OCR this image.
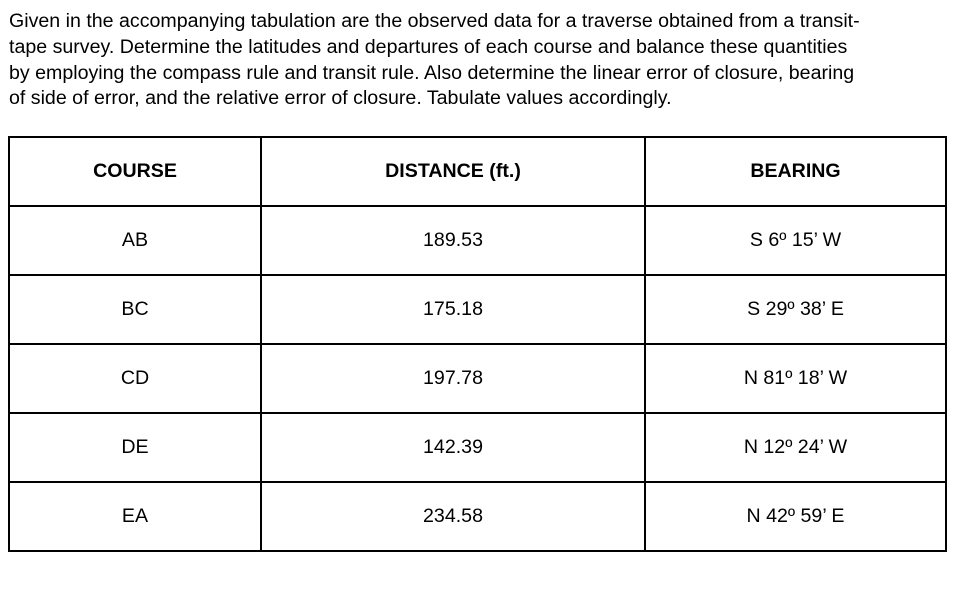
Given in the accompanying tabulation are the observed data for a traverse obtained from a transit-
tape survey. Determine the latitudes and departures of each course and balance these quantities
by employing the compass rule and transit rule. Also determine the linear error of closure, bearing
of side of error, and the relative error of closure. Tabulate values accordingly.

COURSE	DISTANCE (ft.)	BEARING
AB	189.53	S 6º 15’ W
BC	175.18	S 29º 38’ E
CD	197.78	N 81º 18’ W
DE	142.39	N 12º 24’ W
EA	234.58	N 42º 59’ E
